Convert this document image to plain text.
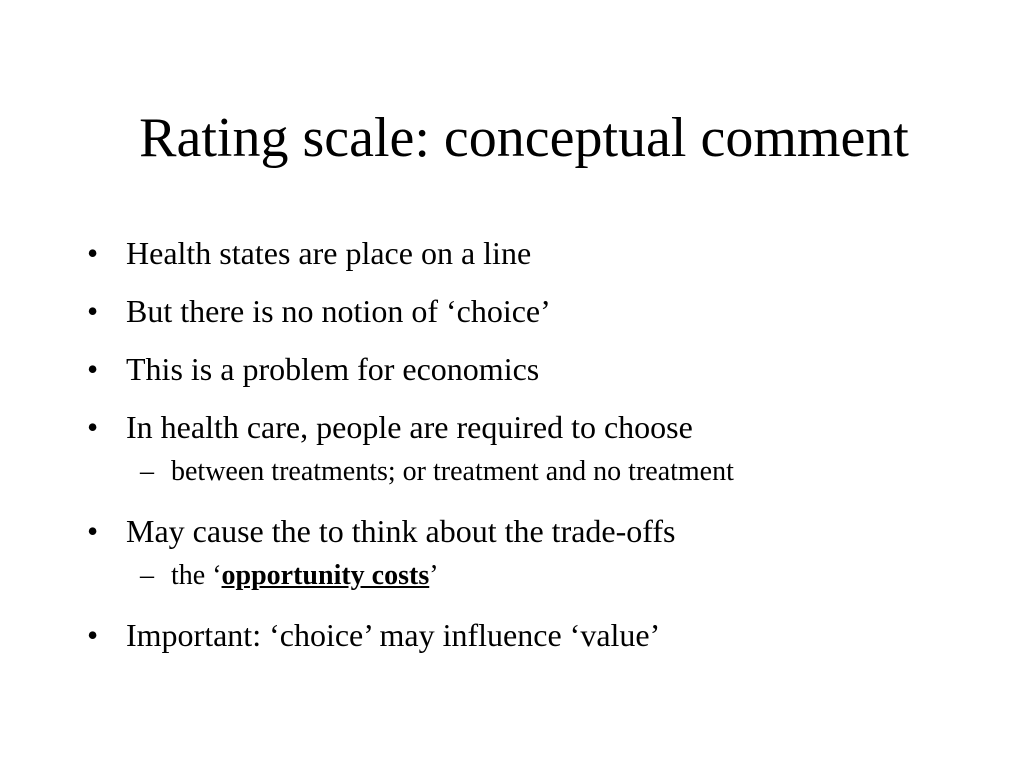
Rating scale: conceptual comment
• Health states are place on a line
• But there is no notion of ‘choice’
• This is a problem for economics
• In health care, people are required to choose
– between treatments; or treatment and no treatment
• May cause the to think about the trade-offs
– the ‘opportunity costs’
• Important: ‘choice’ may influence ‘value’
